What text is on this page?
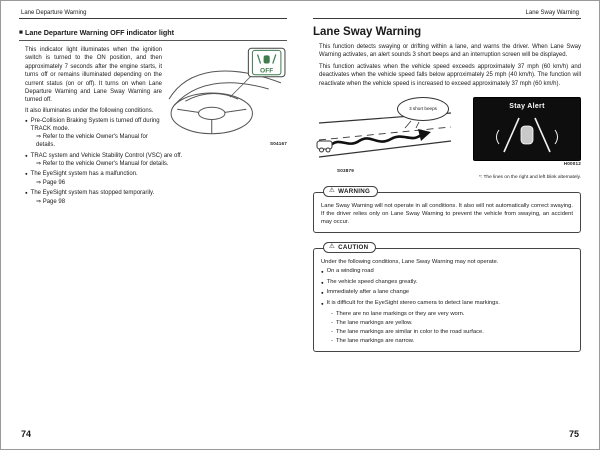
Lane Departure Warning	Lane Sway Warning
■ Lane Departure Warning OFF indicator light
OFF
S04167

This indicator light illuminates when the ignition switch is turned to the ON position, and then approximately 7 seconds after the engine starts, it turns off or remains illuminated depending on the current status (on or off). It turns on when Lane Departure Warning and Lane Sway Warning are turned off.

It also illuminates under the following conditions.

● Pre-Collision Braking System is turned off during TRACK mode.
⇒ Refer to the vehicle Owner's Manual for details.
● TRAC system and Vehicle Stability Control (VSC) are off.
⇒ Refer to the vehicle Owner's Manual for details.
● The EyeSight system has a malfunction.
⇒ Page 96
● The EyeSight system has stopped temporarily.
⇒ Page 98
Lane Sway Warning

This function detects swaying or drifting within a lane, and warns the driver. When Lane Sway Warning activates, an alert sounds 3 short beeps and an interruption screen will be displayed.

This function activates when the vehicle speed exceeds approximately 37 mph (60 km/h) and deactivates when the vehicle speed falls below approximately 25 mph (40 km/h). The function will reactivate when the vehicle speed is increased to exceed approximately 37 mph (60 km/h).

3 short beeps
S03879
Stay Alert
H00012
*: The lines on the right and left blink alternately.
⚠ WARNING

Lane Sway Warning will not operate in all conditions. It also will not automatically correct swaying. If the driver relies only on Lane Sway Warning to prevent the vehicle from swaying, an accident may occur.

⚠ CAUTION

Under the following conditions, Lane Sway Warning may not operate.

● On a winding road
● The vehicle speed changes greatly.
● Immediately after a lane change
● It is difficult for the EyeSight stereo camera to detect lane markings.
- There are no lane markings or they are very worn.
- The lane markings are yellow.
- The lane markings are similar in color to the road surface.
- The lane markings are narrow.
74	75
